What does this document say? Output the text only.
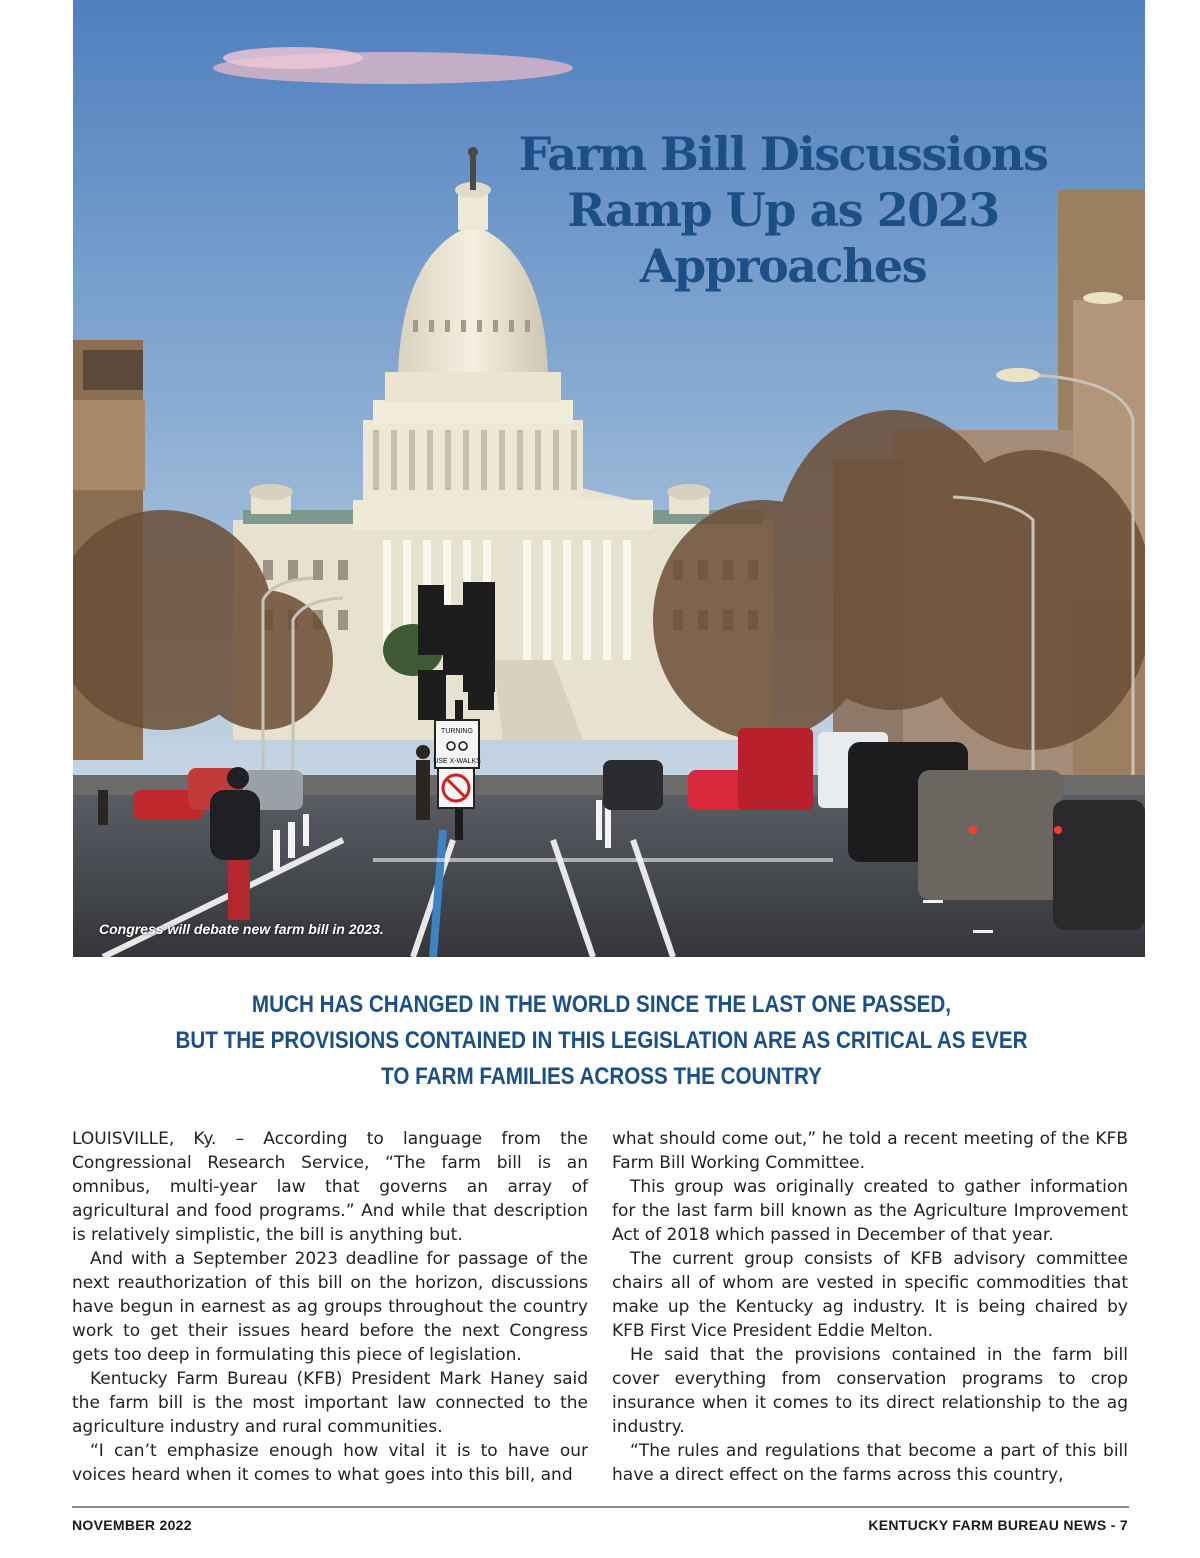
TURNING
USE X-WALKS
Farm Bill Discussions
Ramp Up as 2023
Approaches
Congress will debate new farm bill in 2023.
MUCH HAS CHANGED IN THE WORLD SINCE THE LAST ONE PASSED,
BUT THE PROVISIONS CONTAINED IN THIS LEGISLATION ARE AS CRITICAL AS EVER
TO FARM FAMILIES ACROSS THE COUNTRY

LOUISVILLE, Ky. – According to language from the Congressional Research Service, “The farm bill is an omnibus, multi-year law that governs an array of agricultural and food programs.” And while that description is relatively simplistic, the bill is anything but.

And with a September 2023 deadline for passage of the next reauthorization of this bill on the horizon, discussions have begun in earnest as ag groups throughout the country work to get their issues heard before the next Congress gets too deep in formulating this piece of legislation.

Kentucky Farm Bureau (KFB) President Mark Haney said the farm bill is the most important law connected to the agriculture industry and rural communities.

“I can’t emphasize enough how vital it is to have our voices heard when it comes to what goes into this bill, and

what should come out,” he told a recent meeting of the KFB Farm Bill Working Committee.

This group was originally created to gather information for the last farm bill known as the Agriculture Improvement Act of 2018 which passed in December of that year.

The current group consists of KFB advisory committee chairs all of whom are vested in specific commodities that make up the Kentucky ag industry. It is being chaired by KFB First Vice President Eddie Melton.

He said that the provisions contained in the farm bill cover everything from conservation programs to crop insurance when it comes to its direct relationship to the ag industry.

“The rules and regulations that become a part of this bill have a direct effect on the farms across this country,

NOVEMBER 2022	KENTUCKY FARM BUREAU NEWS - 7
